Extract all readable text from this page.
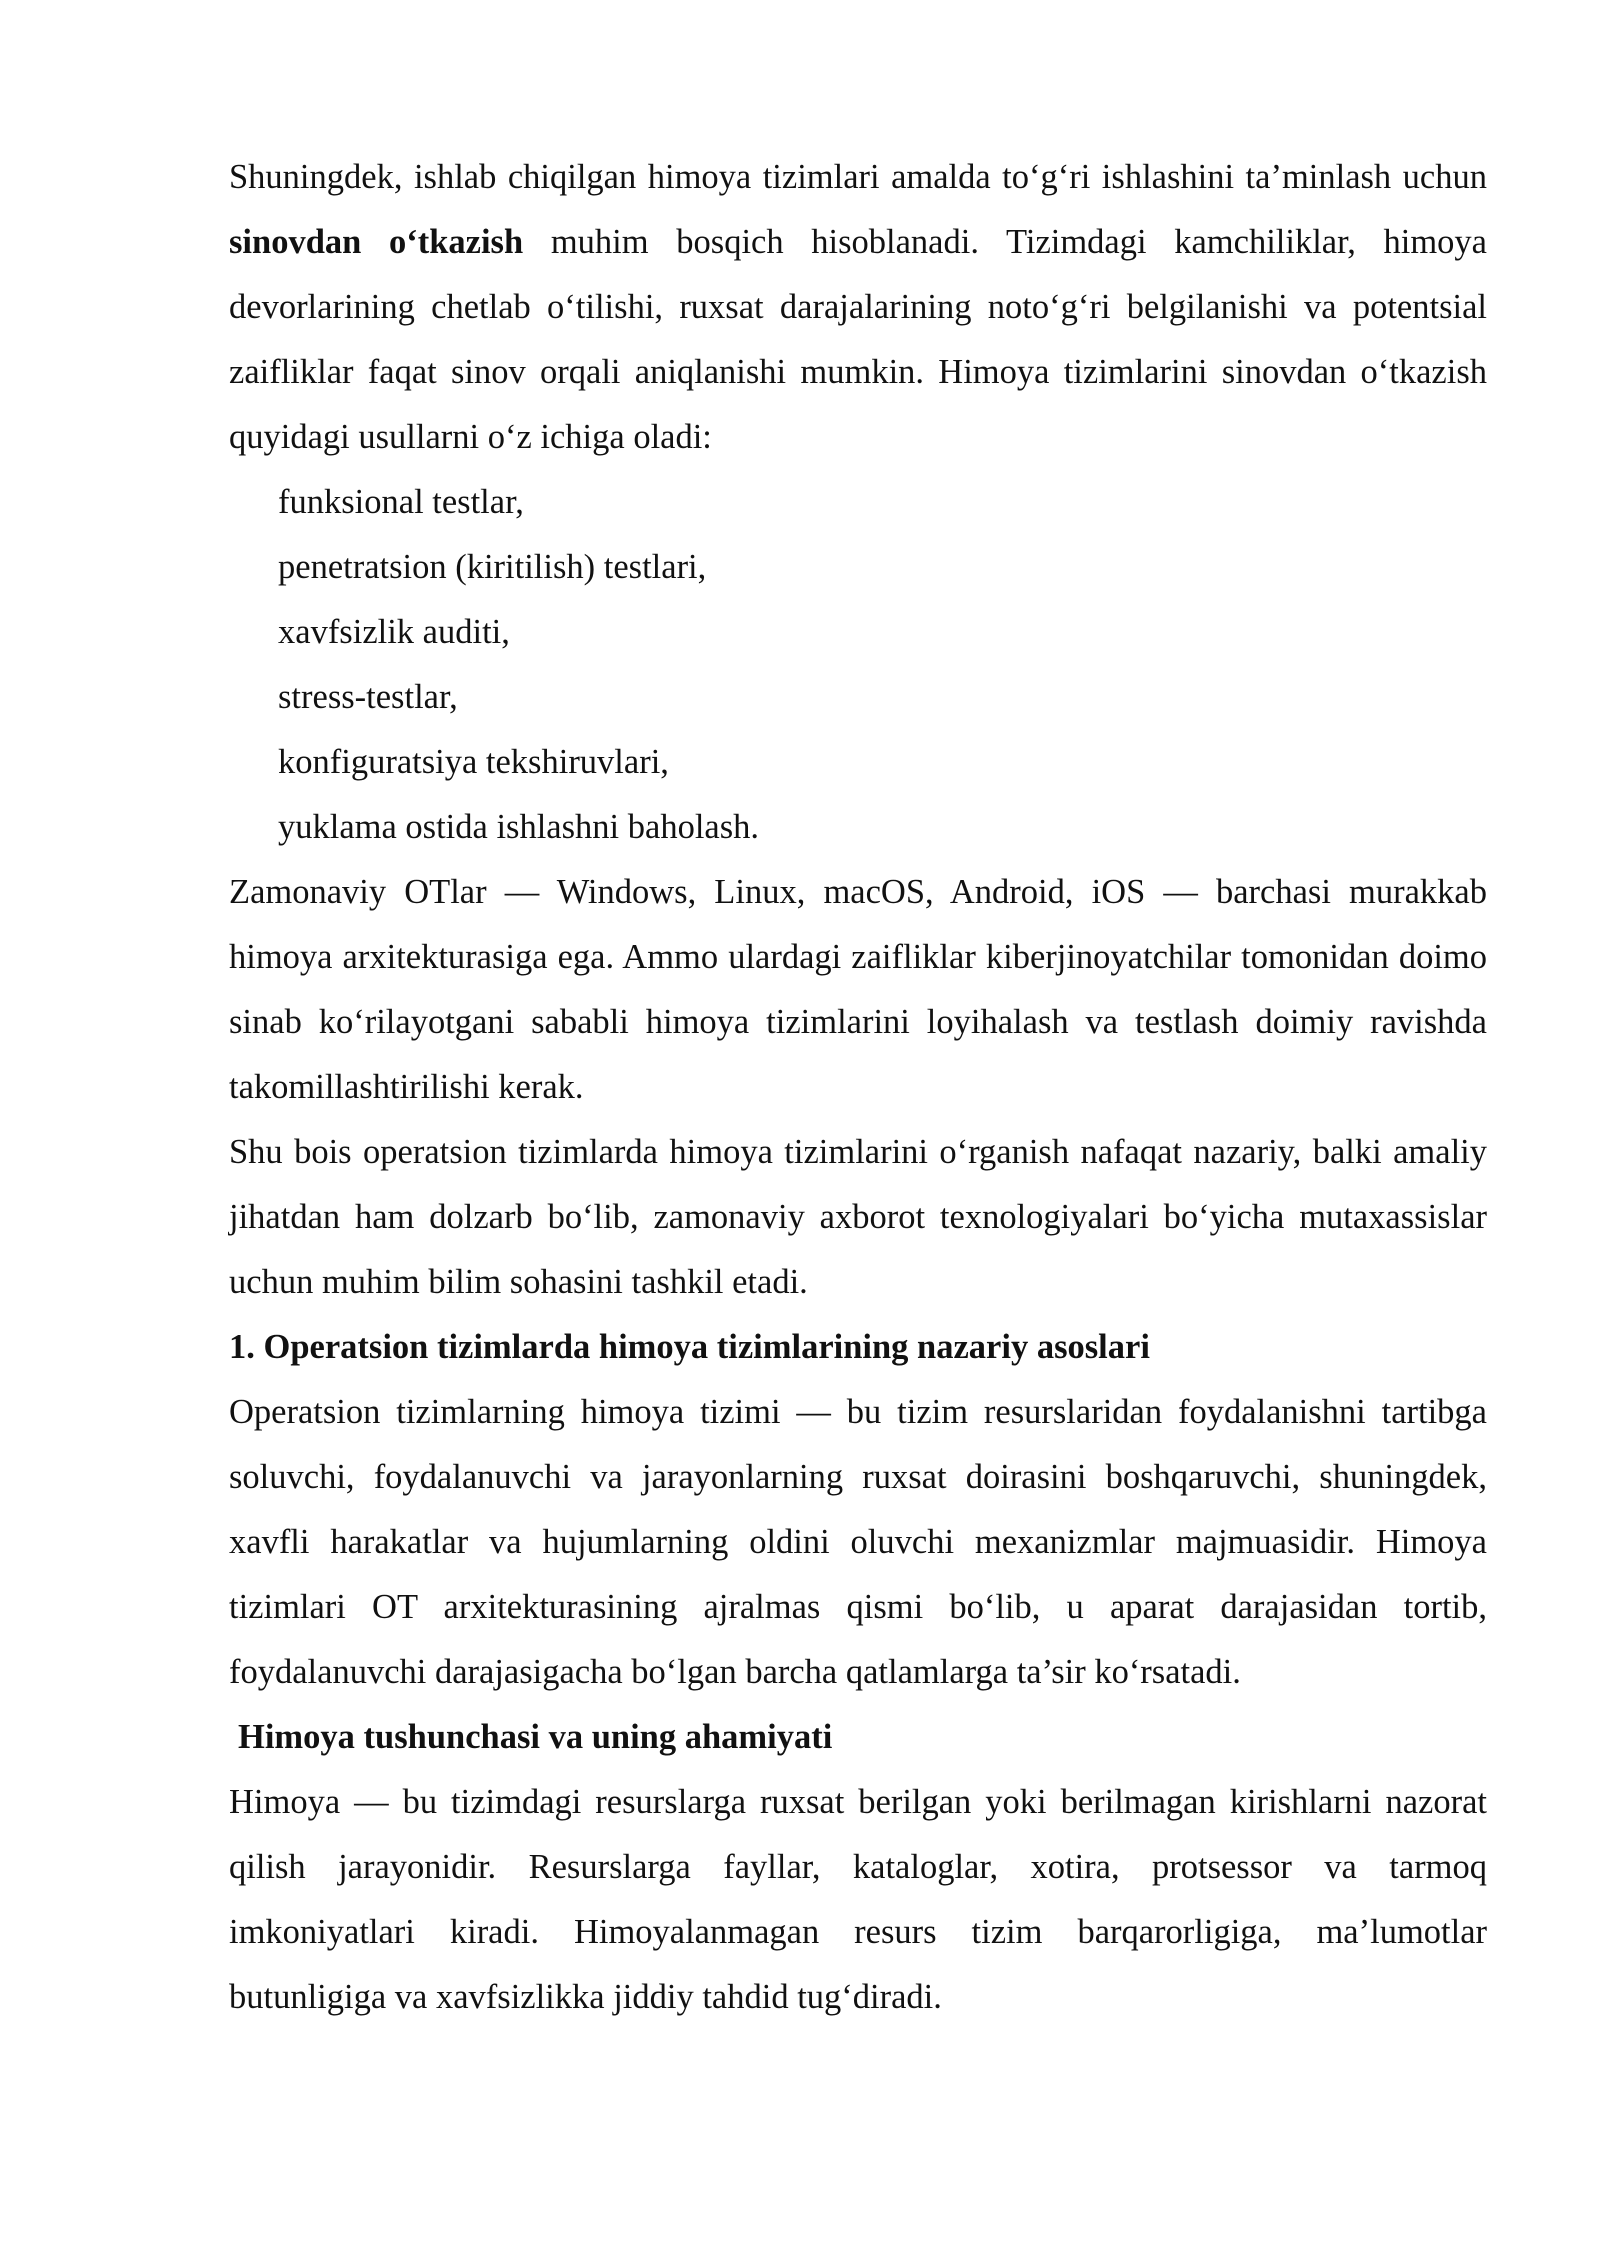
Shuningdek, ishlab chiqilgan himoya tizimlari amalda to‘g‘ri ishlashini ta’minlash uchun sinovdan o‘tkazish muhim bosqich hisoblanadi. Tizimdagi kamchiliklar, himoya devorlarining chetlab o‘tilishi, ruxsat darajalarining noto‘g‘ri belgilanishi va potentsial zaifliklar faqat sinov orqali aniqlanishi mumkin. Himoya tizimlarini sinovdan o‘tkazish quyidagi usullarni o‘z ichiga oladi:

funksional testlar,
penetratsion (kiritilish) testlari,
xavfsizlik auditi,
stress-testlar,
konfiguratsiya tekshiruvlari,
yuklama ostida ishlashni baholash.

Zamonaviy OTlar — Windows, Linux, macOS, Android, iOS — barchasi murakkab himoya arxitekturasiga ega. Ammo ulardagi zaifliklar kiberjinoyatchilar tomonidan doimo sinab ko‘rilayotgani sababli himoya tizimlarini loyihalash va testlash doimiy ravishda takomillashtirilishi kerak.

Shu bois operatsion tizimlarda himoya tizimlarini o‘rganish nafaqat nazariy, balki amaliy jihatdan ham dolzarb bo‘lib, zamonaviy axborot texnologiyalari bo‘yicha mutaxassislar uchun muhim bilim sohasini tashkil etadi.

1. Operatsion tizimlarda himoya tizimlarining nazariy asoslari

Operatsion tizimlarning himoya tizimi — bu tizim resurslaridan foydalanishni tartibga soluvchi, foydalanuvchi va jarayonlarning ruxsat doirasini boshqaruvchi, shuningdek, xavfli harakatlar va hujumlarning oldini oluvchi mexanizmlar majmuasidir. Himoya tizimlari OT arxitekturasining ajralmas qismi bo‘lib, u aparat darajasidan tortib, foydalanuvchi darajasigacha bo‘lgan barcha qatlamlarga ta’sir ko‘rsatadi.

Himoya tushunchasi va uning ahamiyati

Himoya — bu tizimdagi resurslarga ruxsat berilgan yoki berilmagan kirishlarni nazorat qilish jarayonidir. Resurslarga fayllar, kataloglar, xotira, protsessor va tarmoq imkoniyatlari kiradi. Himoyalanmagan resurs tizim barqarorligiga, ma’lumotlar butunligiga va xavfsizlikka jiddiy tahdid tug‘diradi.
